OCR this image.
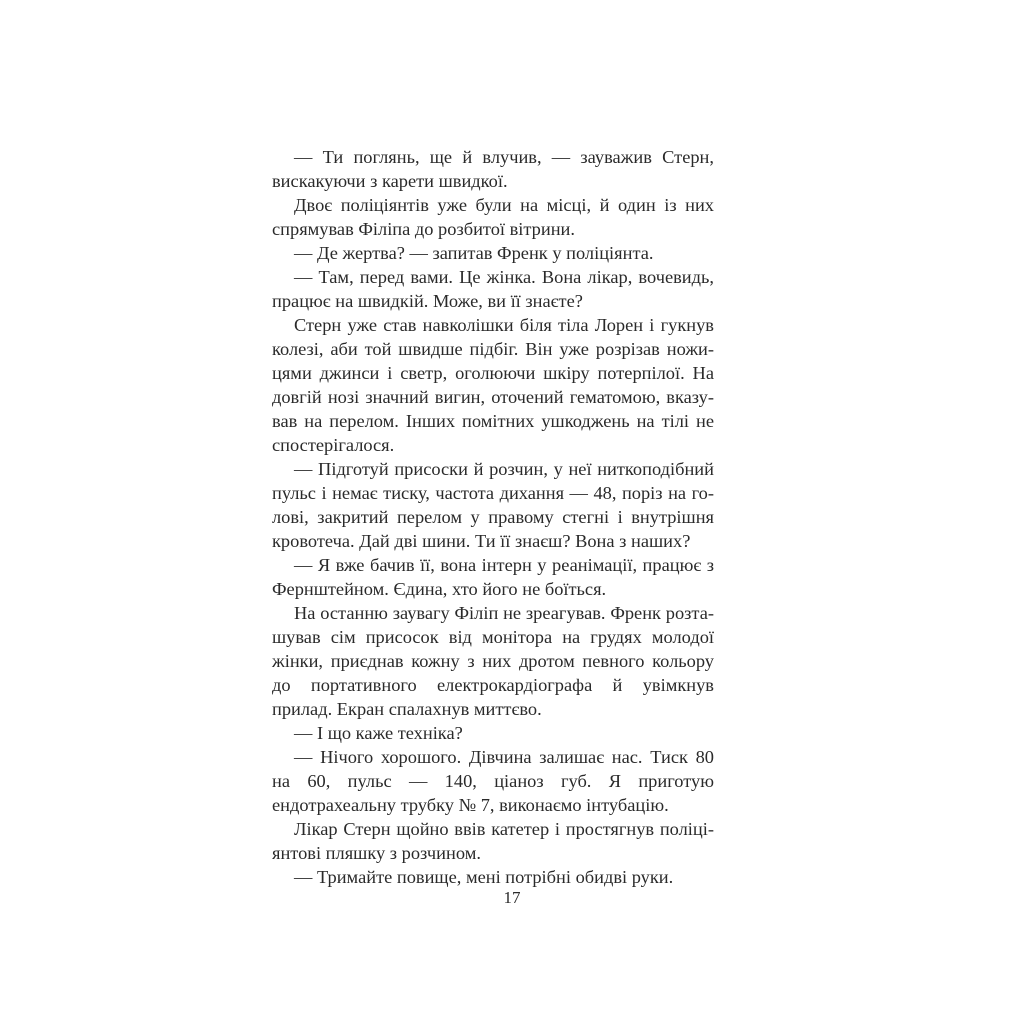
— Ти поглянь, ще й влучив, — зауважив Стерн, вискакуючи з карети швидкої.

Двоє поліціянтів уже були на місці, й один із них спрямував Філіпа до розбитої вітрини.

— Де жертва? — запитав Френк у поліціянта.

— Там, перед вами. Це жінка. Вона лікар, вочевидь, працює на швидкій. Може, ви її знаєте?

Стерн уже став навколішки біля тіла Лорен і гукнув колезі, аби той швидше підбіг. Він уже розрізав ножицями джинси і светр, оголюючи шкіру потерпілої. На довгій нозі значний вигин, оточений гематомою, вказував на перелом. Інших помітних ушкоджень на тілі не спостерігалося.

— Підготуй присоски й розчин, у неї ниткоподібний пульс і немає тиску, частота дихання — 48, поріз на голові, закритий перелом у правому стегні і внутрішня кровотеча. Дай дві шини. Ти її знаєш? Вона з наших?

— Я вже бачив її, вона інтерн у реанімації, працює з Фернштейном. Єдина, хто його не боїться.

На останню заувагу Філіп не зреагував. Френк розташував сім присосок від монітора на грудях молодої жінки, приєднав кожну з них дротом певного кольору до портативного електрокардіографа й увімкнув прилад. Екран спалахнув миттєво.

— І що каже техніка?

— Нічого хорошого. Дівчина залишає нас. Тиск 80 на 60, пульс — 140, ціаноз губ. Я приготую ендотрахеальну трубку № 7, виконаємо інтубацію.

Лікар Стерн щойно ввів катетер і простягнув поліціянтові пляшку з розчином.

— Тримайте повище, мені потрібні обидві руки.

17
